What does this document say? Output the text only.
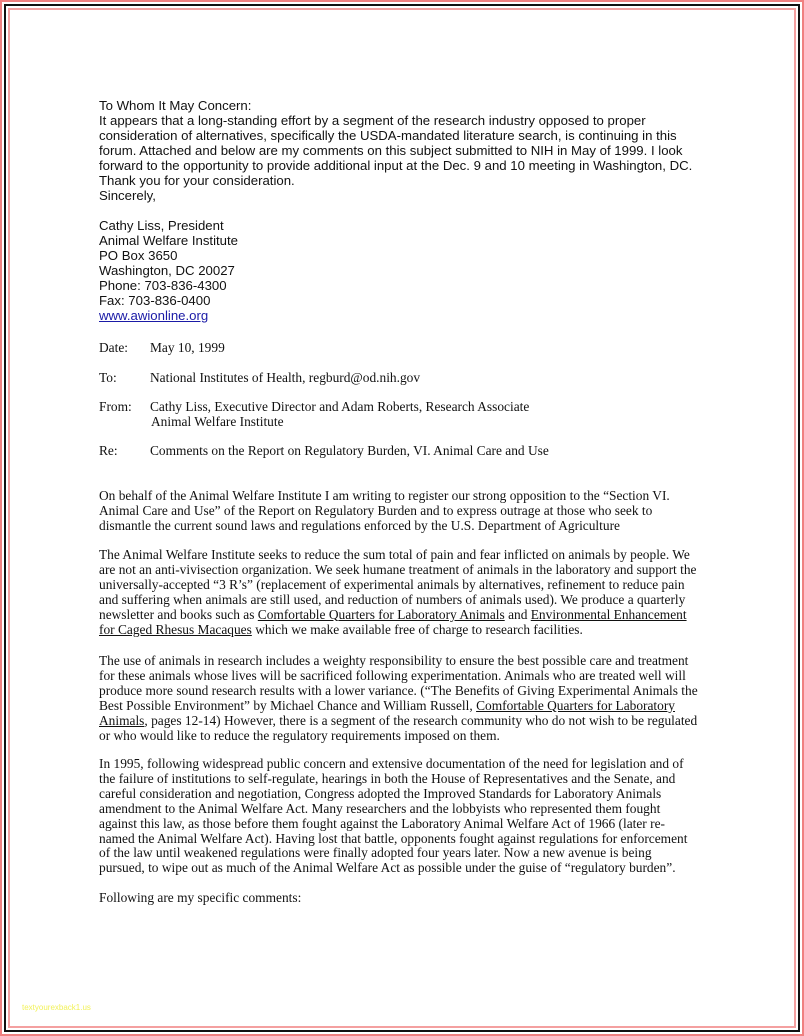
To Whom It May Concern:

It appears that a long-standing effort by a segment of the research industry opposed to proper

consideration of alternatives, specifically the USDA-mandated literature search, is continuing in this

forum. Attached and below are my comments on this subject submitted to NIH in May of 1999. I look

forward to the opportunity to provide additional input at the Dec. 9 and 10 meeting in Washington, DC.

Thank you for your consideration.

Sincerely,

Cathy Liss, President
Animal Welfare Institute
PO Box 3650
Washington, DC 20027
Phone: 703-836-4300
Fax: 703-836-0400
www.awionline.org
Date:	May 10, 1999
To:	National Institutes of Health, regburd@od.nih.gov
From:	Cathy Liss, Executive Director and Adam Roberts, Research Associate
Animal Welfare Institute
Re:	Comments on the Report on Regulatory Burden, VI. Animal Care and Use

On behalf of the Animal Welfare Institute I am writing to register our strong opposition to the “Section VI. Animal Care and Use” of the Report on Regulatory Burden and to express outrage at those who seek to dismantle the current sound laws and regulations enforced by the U.S. Department of Agriculture

The Animal Welfare Institute seeks to reduce the sum total of pain and fear inflicted on animals by people. We are not an anti-vivisection organization. We seek humane treatment of animals in the laboratory and support the universally-accepted “3 R’s” (replacement of experimental animals by alternatives, refinement to reduce pain and suffering when animals are still used, and reduction of numbers of animals used). We produce a quarterly newsletter and books such as Comfortable Quarters for Laboratory Animals and Environmental Enhancement for Caged Rhesus Macaques which we make available free of charge to research facilities.

The use of animals in research includes a weighty responsibility to ensure the best possible care and treatment for these animals whose lives will be sacrificed following experimentation. Animals who are treated well will produce more sound research results with a lower variance. (“The Benefits of Giving Experimental Animals the Best Possible Environment” by Michael Chance and William Russell, Comfortable Quarters for Laboratory Animals, pages 12-14) However, there is a segment of the research community who do not wish to be regulated or who would like to reduce the regulatory requirements imposed on them.

In 1995, following widespread public concern and extensive documentation of the need for legislation and of the failure of institutions to self-regulate, hearings in both the House of Representatives and the Senate, and careful consideration and negotiation, Congress adopted the Improved Standards for Laboratory Animals amendment to the Animal Welfare Act. Many researchers and the lobbyists who represented them fought against this law, as those before them fought against the Laboratory Animal Welfare Act of 1966 (later re-named the Animal Welfare Act). Having lost that battle, opponents fought against regulations for enforcement of the law until weakened regulations were finally adopted four years later. Now a new avenue is being pursued, to wipe out as much of the Animal Welfare Act as possible under the guise of “regulatory burden”.

Following are my specific comments:

textyourexback1.us
